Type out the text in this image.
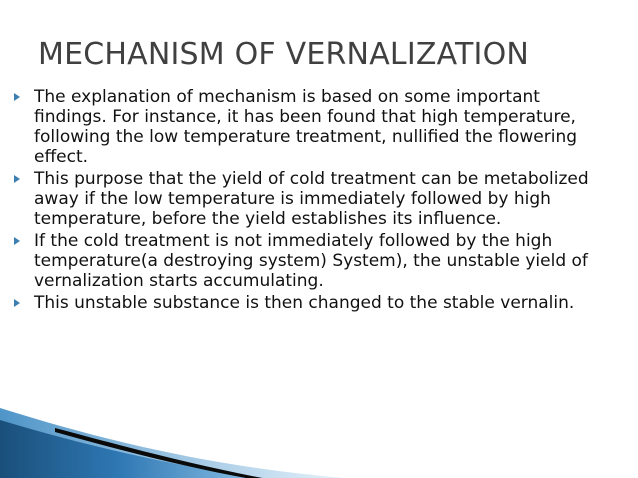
MECHANISM OF VERNALIZATION
The explanation of mechanism is based on some important findings. For instance, it has been found that high temperature, following the low temperature treatment, nullified the flowering effect.
This purpose that the yield of cold treatment can be metabolized away if the low temperature is immediately followed by high temperature, before the yield establishes its influence.
If the cold treatment is not immediately followed by the high temperature(a destroying system) System), the unstable yield of vernalization starts accumulating.
This unstable substance is then changed to the stable vernalin.
